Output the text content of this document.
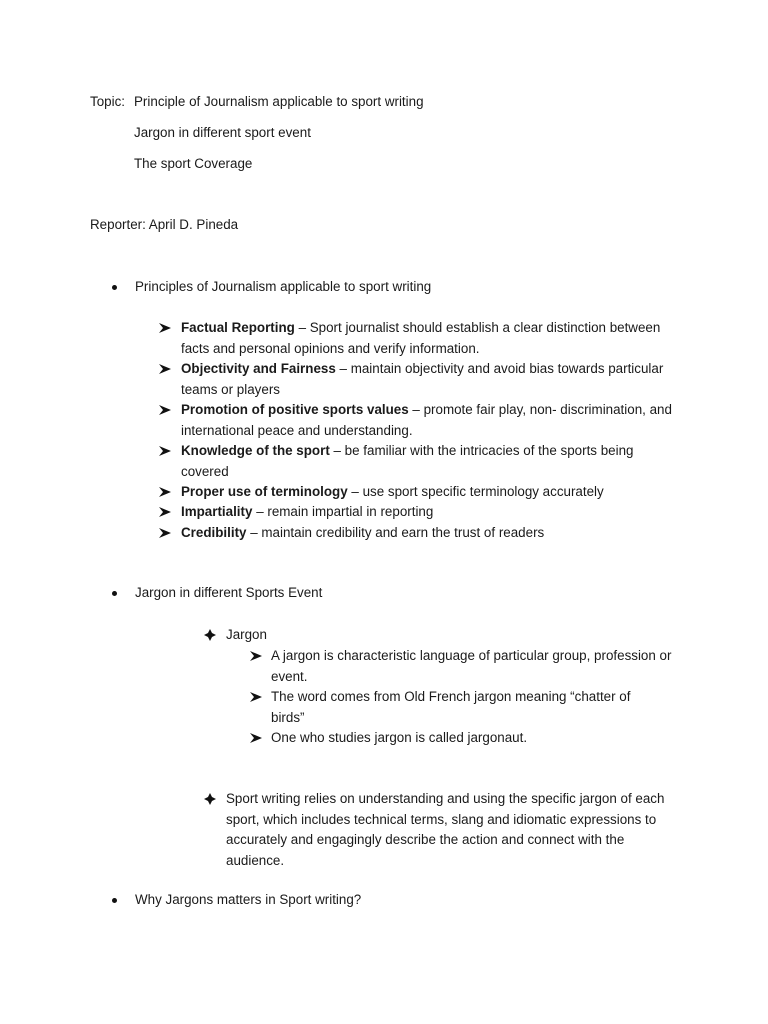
Topic: Principle of Journalism applicable to sport writing
Jargon in different sport event
The sport Coverage
Reporter: April D. Pineda
Principles of Journalism applicable to sport writing
Factual Reporting – Sport journalist should establish a clear distinction between facts and personal opinions and verify information.
Objectivity and Fairness – maintain objectivity and avoid bias towards particular teams or players
Promotion of positive sports values – promote fair play, non- discrimination, and international peace and understanding.
Knowledge of the sport – be familiar with the intricacies of the sports being covered
Proper use of terminology – use sport specific terminology accurately
Impartiality – remain impartial in reporting
Credibility – maintain credibility and earn the trust of readers
Jargon in different Sports Event
Jargon
A jargon is characteristic language of particular group, profession or event.
The word comes from Old French jargon meaning “chatter of birds”
One who studies jargon is called jargonaut.
Sport writing relies on understanding and using the specific jargon of each sport, which includes technical terms, slang and idiomatic expressions to accurately and engagingly describe the action and connect with the audience.
Why Jargons matters in Sport writing?
